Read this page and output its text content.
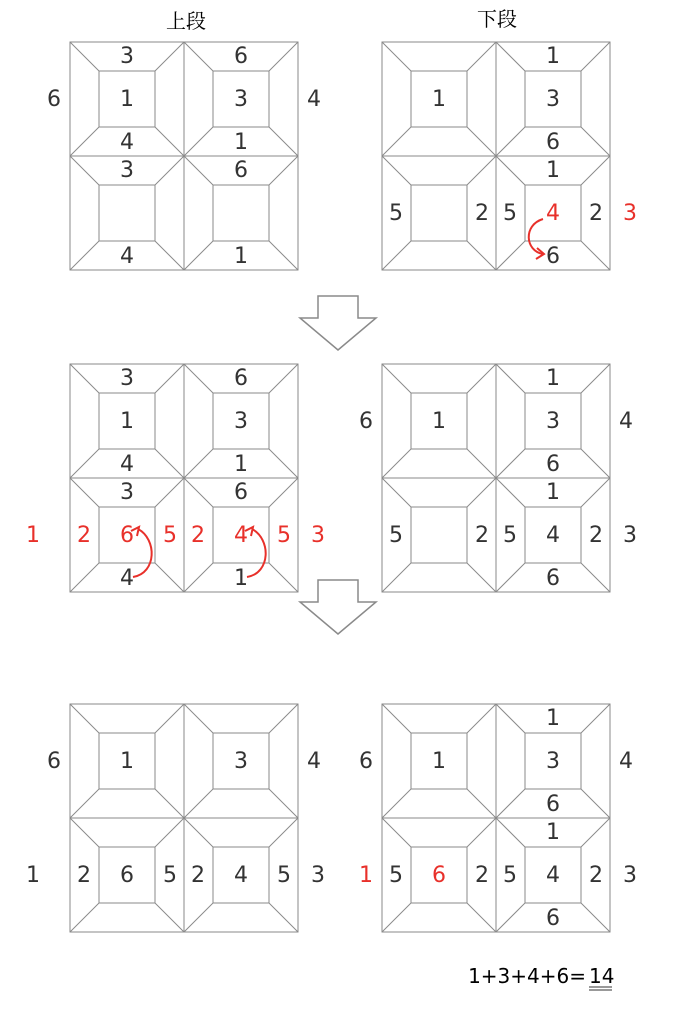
上段	下段
3
4
1
6
1
3
3
4
6
1
6	4	1
1
6
3
5	2
1
6
5	2
4	3
3
4
1
6
1
3
3
4
2	5
6
6
1
2	5
4
1	3
1
1
6
3
5	2
1
6
5	2
4
6	4
3
1	3
2	5
6	2	5
4
6	4
1	3
1
1
6
3
5	2
6
1
6
5	2
4
6	4
1	3
1+3+4+6= 14
